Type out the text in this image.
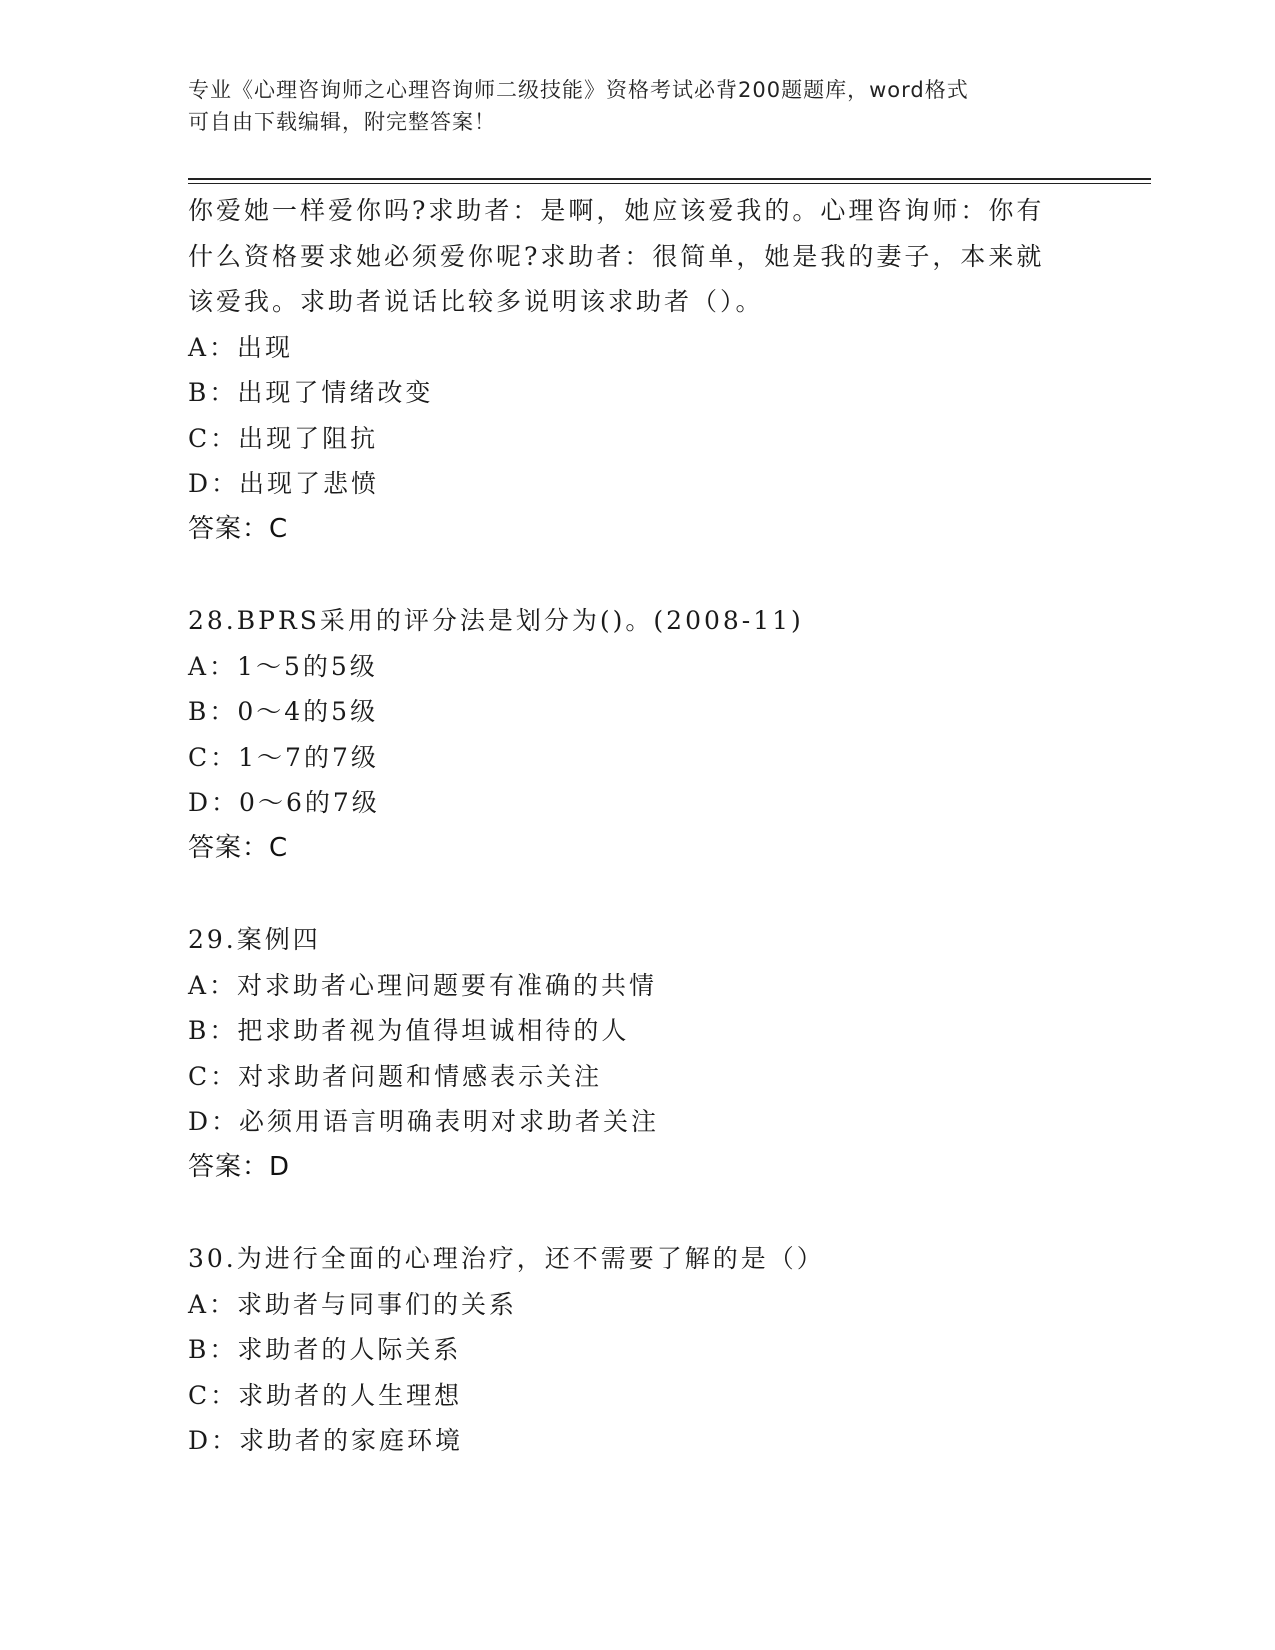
专业《心理咨询师之心理咨询师二级技能》资格考试必背200题题库，word格式
可自由下载编辑，附完整答案！
你爱她一样爱你吗?求助者：是啊，她应该爱我的。心理咨询师：你有
什么资格要求她必须爱你呢?求助者：很简单，她是我的妻子，本来就
该爱我。求助者说话比较多说明该求助者（）。
A：出现
B：出现了情绪改变
C：出现了阻抗
D：出现了悲愤
答案：C
28.BPRS采用的评分法是划分为()。(2008-11)
A：1～5的5级
B：0～4的5级
C：1～7的7级
D：0～6的7级
答案：C
29.案例四
A：对求助者心理问题要有准确的共情
B：把求助者视为值得坦诚相待的人
C：对求助者问题和情感表示关注
D：必须用语言明确表明对求助者关注
答案：D
30.为进行全面的心理治疗，还不需要了解的是（）
A：求助者与同事们的关系
B：求助者的人际关系
C：求助者的人生理想
D：求助者的家庭环境
